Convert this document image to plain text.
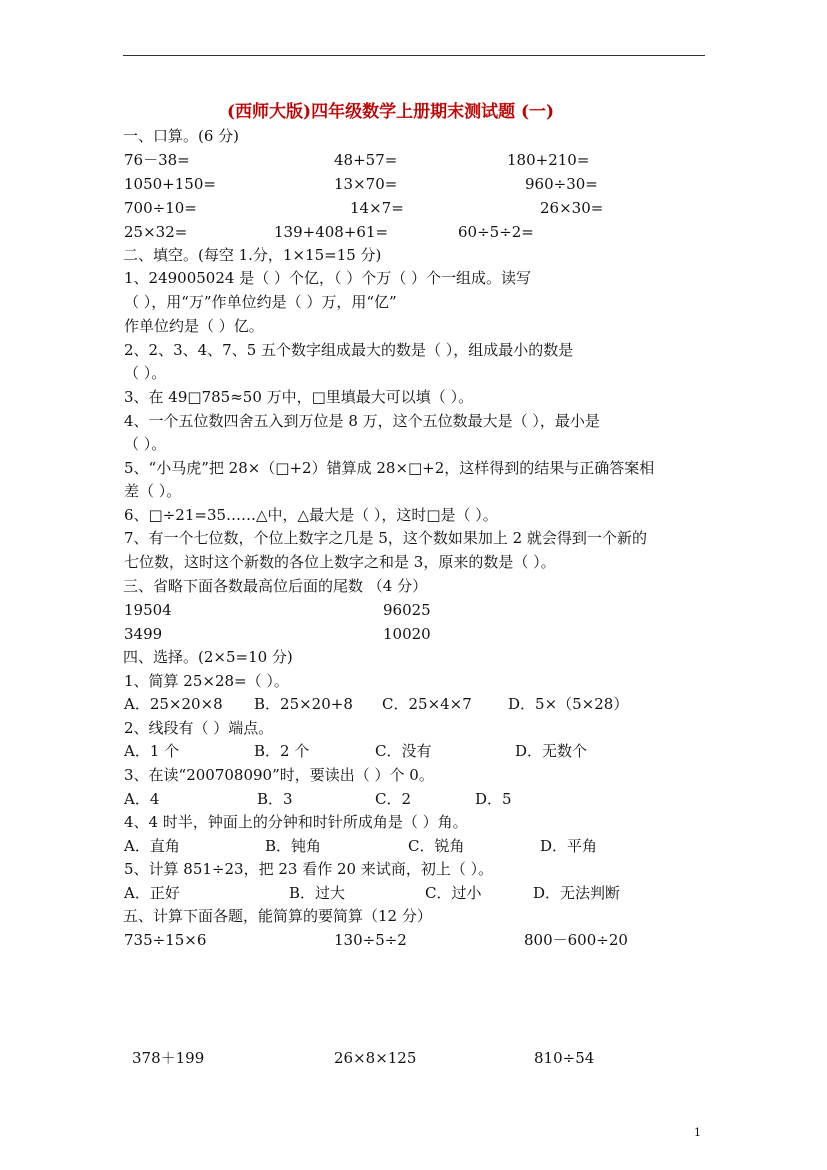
(西师大版)四年级数学上册期末测试题 (一)
一、口算。(6 分)
76－38=	48+57=	180+210=
1050+150=	13×70=	960÷30=
700÷10=	14×7=	26×30=
25×32=	139+408+61=	60÷5÷2=
二、填空。(每空 1.分，1×15=15 分)
1、249005024 是（ ）个亿，（ ）个万（ ）个一组成。读写
（ ），用“万”作单位约是（ ）万，用“亿”
作单位约是（ ）亿。
2、2、3、4、7、5 五个数字组成最大的数是（ ），组成最小的数是
（ ）。
3、在 49□785≈50 万中，□里填最大可以填（ ）。
4、一个五位数四舍五入到万位是 8 万，这个五位数最大是（ ），最小是
（ ）。
5、“小马虎”把 28×（□+2）错算成 28×□+2，这样得到的结果与正确答案相
差（ ）。
6、□÷21=35……△中，△最大是（ ），这时□是（ ）。
7、有一个七位数，个位上数字之几是 5，这个数如果加上 2 就会得到一个新的
七位数，这时这个新数的各位上数字之和是 3，原来的数是（ ）。
三、省略下面各数最高位后面的尾数 （4 分）
19504	96025
3499	10020
四、选择。(2×5=10 分)
1、简算 25×28=（ ）。
A．25×20×8 B．25×20+8 C．25×4×7 D．5×（5×28）
2、线段有（ ）端点。
A．1 个	B．2 个	C．没有	D．无数个
3、在读“200708090”时，要读出（ ）个 0。
A．4	B．3	C．2	D．5
4、4 时半，钟面上的分钟和时针所成角是（ ）角。
A．直角	B．钝角	C．锐角	D．平角
5、计算 851÷23，把 23 看作 20 来试商，初上（ ）。
A．正好	B．过大	C．过小	D．无法判断
五、计算下面各题，能简算的要简算（12 分）
735÷15×6	130÷5÷2	800－600÷20
378＋199	26×8×125	810÷54
1
